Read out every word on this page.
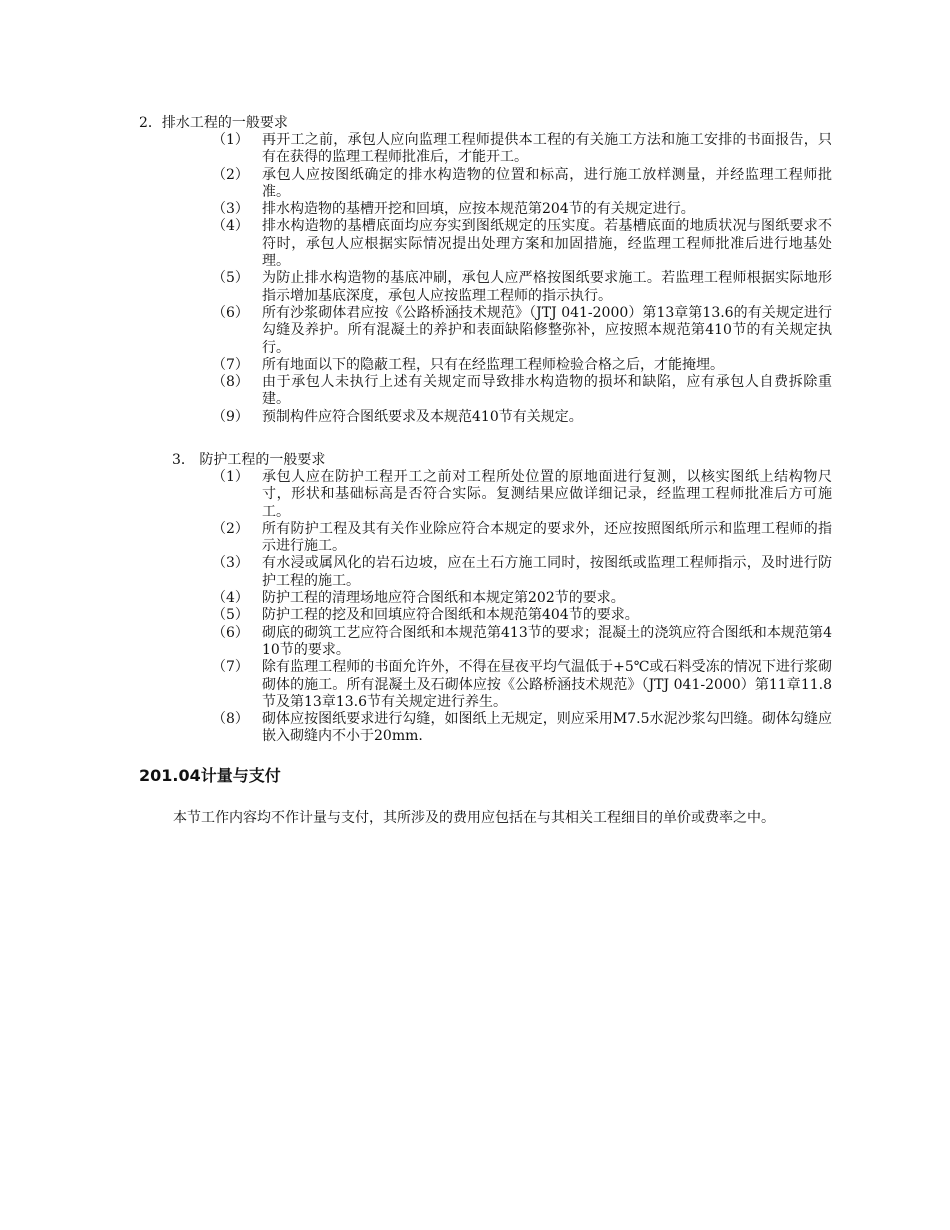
2．排水工程的一般要求
（1） 再开工之前，承包人应向监理工程师提供本工程的有关施工方法和施工安排的书面报告，只有在获得的监理工程师批准后，才能开工。
（2） 承包人应按图纸确定的排水构造物的位置和标高，进行施工放样测量，并经监理工程师批准。
（3） 排水构造物的基槽开挖和回填，应按本规范第204节的有关规定进行。
（4） 排水构造物的基槽底面均应夯实到图纸规定的压实度。若基槽底面的地质状况与图纸要求不符时，承包人应根据实际情况提出处理方案和加固措施，经监理工程师批准后进行地基处理。
（5） 为防止排水构造物的基底冲刷，承包人应严格按图纸要求施工。若监理工程师根据实际地形指示增加基底深度，承包人应按监理工程师的指示执行。
（6） 所有沙浆砌体君应按《公路桥涵技术规范》（JTJ 041-2000）第13章第13.6的有关规定进行勾缝及养护。所有混凝土的养护和表面缺陷修整弥补，应按照本规范第410节的有关规定执行。
（7） 所有地面以下的隐蔽工程，只有在经监理工程师检验合格之后，才能掩埋。
（8） 由于承包人未执行上述有关规定而导致排水构造物的损坏和缺陷，应有承包人自费拆除重建。
（9） 预制构件应符合图纸要求及本规范410节有关规定。
3． 防护工程的一般要求
（1） 承包人应在防护工程开工之前对工程所处位置的原地面进行复测，以核实图纸上结构物尺寸，形状和基础标高是否符合实际。复测结果应做详细记录，经监理工程师批准后方可施工。
（2） 所有防护工程及其有关作业除应符合本规定的要求外，还应按照图纸所示和监理工程师的指示进行施工。
（3） 有水浸或属风化的岩石边坡，应在土石方施工同时，按图纸或监理工程师指示，及时进行防护工程的施工。
（4） 防护工程的清理场地应符合图纸和本规定第202节的要求。
（5） 防护工程的挖及和回填应符合图纸和本规范第404节的要求。
（6） 砌底的砌筑工艺应符合图纸和本规范第413节的要求；混凝土的浇筑应符合图纸和本规范第410节的要求。
（7） 除有监理工程师的书面允许外，不得在昼夜平均气温低于+5℃或石料受冻的情况下进行浆砌砌体的施工。所有混凝土及石砌体应按《公路桥涵技术规范》（JTJ 041-2000）第11章11.8节及第13章13.6节有关规定进行养生。
（8） 砌体应按图纸要求进行勾缝，如图纸上无规定，则应采用M7.5水泥沙浆勾凹缝。砌体勾缝应嵌入砌缝内不小于20mm.
201.04计量与支付

本节工作内容均不作计量与支付，其所涉及的费用应包括在与其相关工程细目的单价或费率之中。
